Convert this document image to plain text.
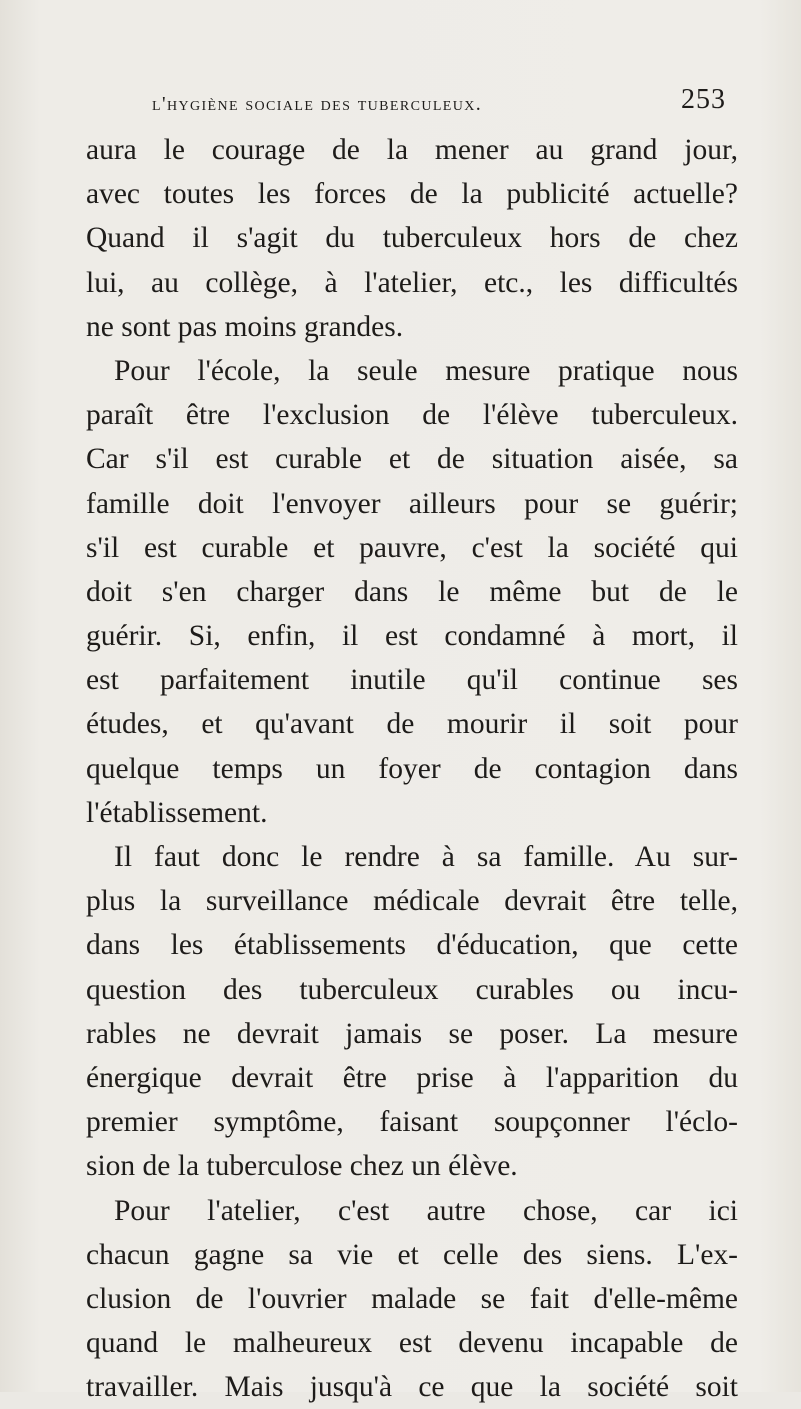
l'hygiène sociale des tuberculeux.	253
aura le courage de la mener au grand jour,
avec toutes les forces de la publicité actuelle?
Quand il s'agit du tuberculeux hors de chez
lui, au collège, à l'atelier, etc., les difficultés
ne sont pas moins grandes.
Pour l'école, la seule mesure pratique nous
paraît être l'exclusion de l'élève tuberculeux.
Car s'il est curable et de situation aisée, sa
famille doit l'envoyer ailleurs pour se guérir;
s'il est curable et pauvre, c'est la société qui
doit s'en charger dans le même but de le
guérir. Si, enfin, il est condamné à mort, il
est parfaitement inutile qu'il continue ses
études, et qu'avant de mourir il soit pour
quelque temps un foyer de contagion dans
l'établissement.
Il faut donc le rendre à sa famille. Au sur-
plus la surveillance médicale devrait être telle,
dans les établissements d'éducation, que cette
question des tuberculeux curables ou incu-
rables ne devrait jamais se poser. La mesure
énergique devrait être prise à l'apparition du
premier symptôme, faisant soupçonner l'éclo-
sion de la tuberculose chez un élève.
Pour l'atelier, c'est autre chose, car ici
chacun gagne sa vie et celle des siens. L'ex-
clusion de l'ouvrier malade se fait d'elle-même
quand le malheureux est devenu incapable de
travailler. Mais jusqu'à ce que la société soit
